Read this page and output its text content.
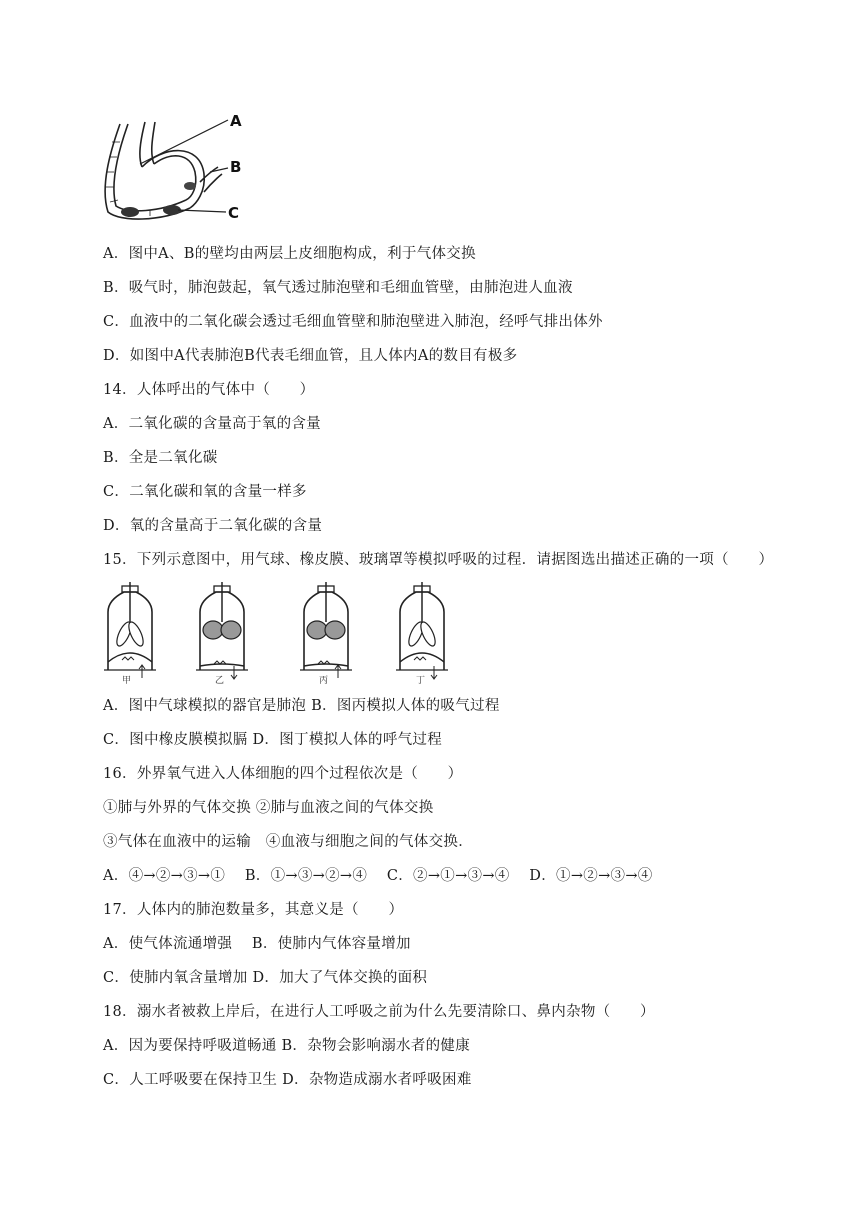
A
B
C
A．图中A、B的壁均由两层上皮细胞构成，利于气体交换
B．吸气时，肺泡鼓起，氧气透过肺泡壁和毛细血管壁，由肺泡进人血液
C．血液中的二氧化碳会透过毛细血管壁和肺泡壁进入肺泡，经呼气排出体外
D．如图中A代表肺泡B代表毛细血管，且人体内A的数目有极多
14．人体呼出的气体中（　　）
A．二氧化碳的含量高于氧的含量
B．全是二氧化碳
C．二氧化碳和氧的含量一样多
D．氧的含量高于二氧化碳的含量
15．下列示意图中，用气球、橡皮膜、玻璃罩等模拟呼吸的过程．请据图选出描述正确的一项（　　）
甲	乙	丙	丁
A．图中气球模拟的器官是肺泡 B．图丙模拟人体的吸气过程
C．图中橡皮膜模拟膈 D．图丁模拟人体的呼气过程
16．外界氧气进入人体细胞的四个过程依次是（　　）
①肺与外界的气体交换 ②肺与血液之间的气体交换
③气体在血液中的运输　④血液与细胞之间的气体交换．
A．④→②→③→①　 B．①→③→②→④　 C．②→①→③→④　 D．①→②→③→④
17．人体内的肺泡数量多，其意义是（　　）
A．使气体流通增强　 B．使肺内气体容量增加
C．使肺内氧含量增加 D．加大了气体交换的面积
18．溺水者被救上岸后，在进行人工呼吸之前为什么先要清除口、鼻内杂物（　　）
A．因为要保持呼吸道畅通 B．杂物会影响溺水者的健康
C．人工呼吸要在保持卫生 D．杂物造成溺水者呼吸困难
